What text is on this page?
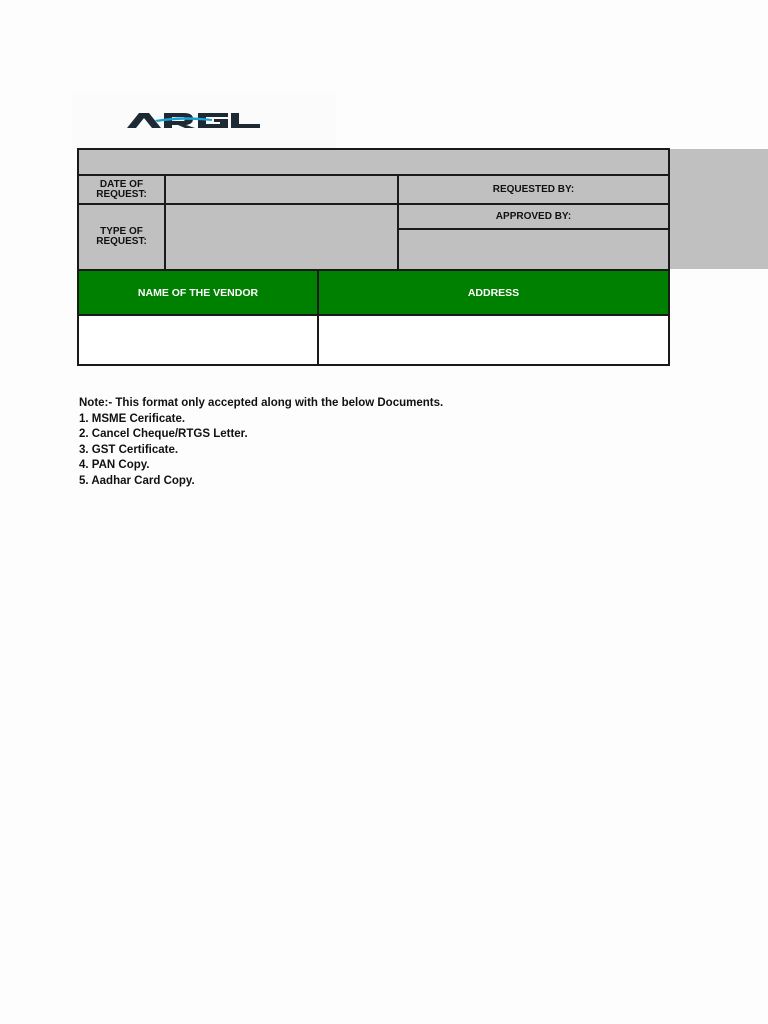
DATE OF REQUEST:	REQUESTED BY:
TYPE OF REQUEST:
APPROVED BY:
NAME OF THE VENDOR	ADDRESS
Note:- This format only accepted along with the below Documents.
1. MSME Cerificate.
2. Cancel Cheque/RTGS Letter.
3. GST Certificate.
4. PAN Copy.
5. Aadhar Card Copy.
